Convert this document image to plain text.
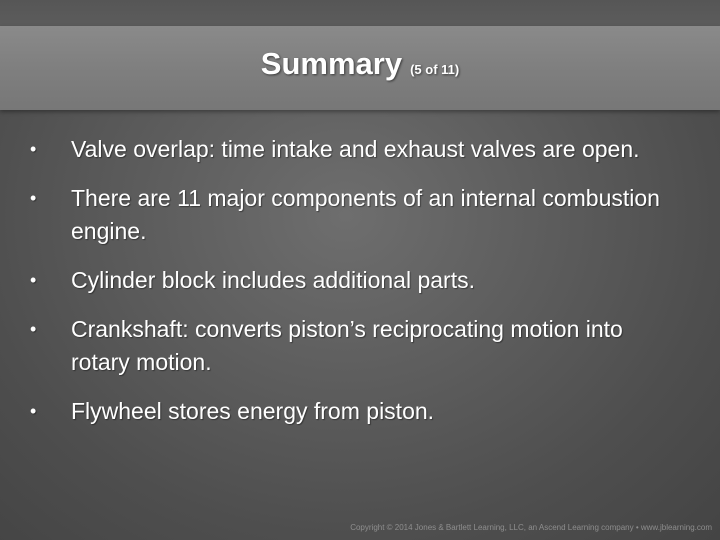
Summary (5 of 11)
• Valve overlap: time intake and exhaust valves are open.
• There are 11 major components of an internal combustion engine.
• Cylinder block includes additional parts.
• Crankshaft: converts piston’s reciprocating motion into rotary motion.
• Flywheel stores energy from piston.
Copyright © 2014 Jones & Bartlett Learning, LLC, an Ascend Learning company • www.jblearning.com
